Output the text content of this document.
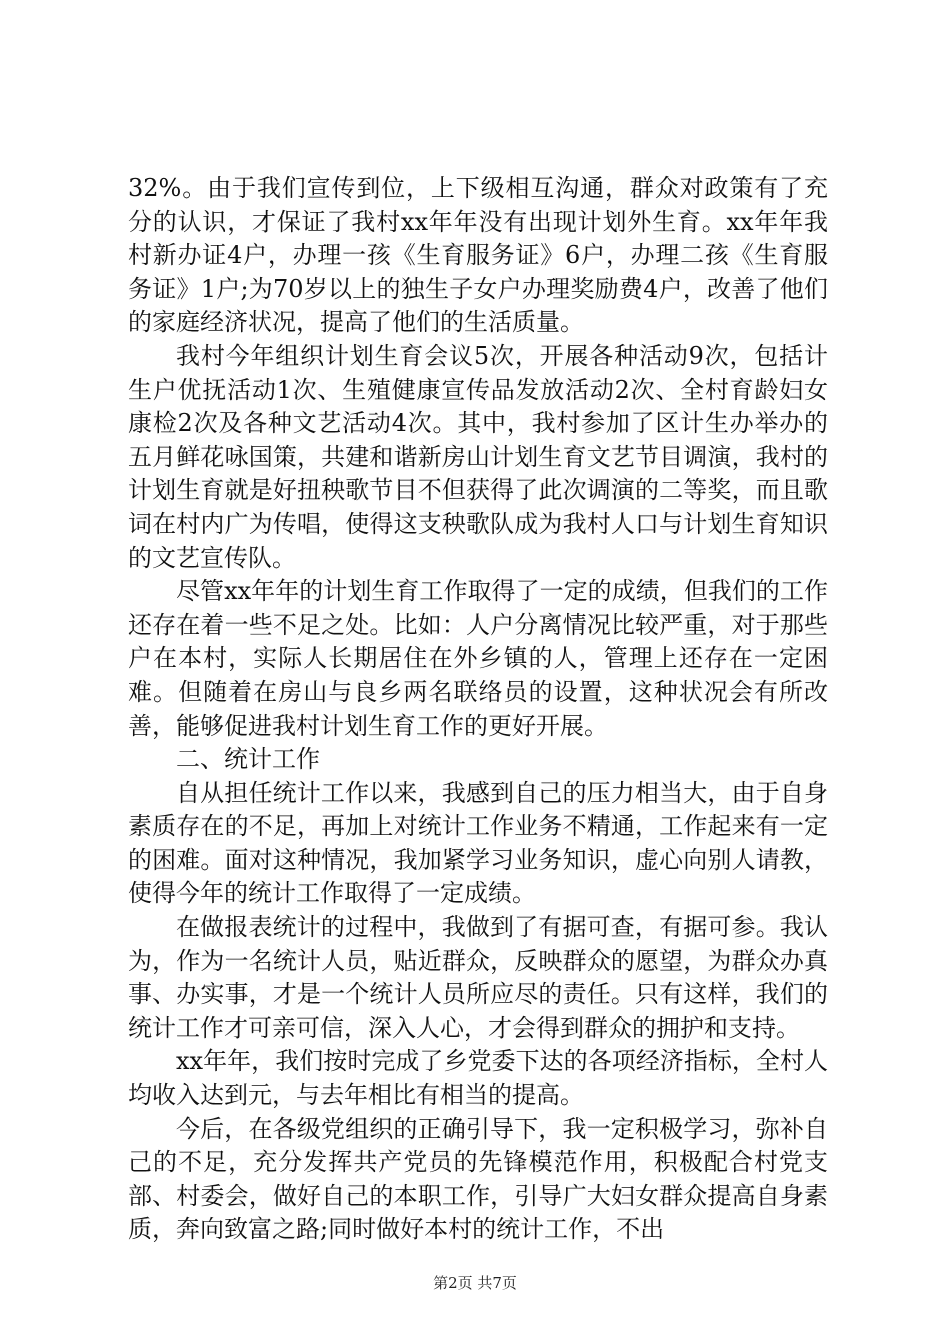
32%。由于我们宣传到位，上下级相互沟通，群众对政策有了充分的认识，才保证了我村xx年年没有出现计划外生育。xx年年我村新办证4户，办理一孩《生育服务证》6户，办理二孩《生育服务证》1户;为70岁以上的独生子女户办理奖励费4户，改善了他们的家庭经济状况，提高了他们的生活质量。

我村今年组织计划生育会议5次，开展各种活动9次，包括计生户优抚活动1次、生殖健康宣传品发放活动2次、全村育龄妇女康检2次及各种文艺活动4次。其中，我村参加了区计生办举办的五月鲜花咏国策，共建和谐新房山计划生育文艺节目调演，我村的计划生育就是好扭秧歌节目不但获得了此次调演的二等奖，而且歌词在村内广为传唱，使得这支秧歌队成为我村人口与计划生育知识的文艺宣传队。

尽管xx年年的计划生育工作取得了一定的成绩，但我们的工作还存在着一些不足之处。比如：人户分离情况比较严重，对于那些户在本村，实际人长期居住在外乡镇的人，管理上还存在一定困难。但随着在房山与良乡两名联络员的设置，这种状况会有所改善，能够促进我村计划生育工作的更好开展。

二、统计工作

自从担任统计工作以来，我感到自己的压力相当大，由于自身素质存在的不足，再加上对统计工作业务不精通，工作起来有一定的困难。面对这种情况，我加紧学习业务知识，虚心向别人请教，使得今年的统计工作取得了一定成绩。

在做报表统计的过程中，我做到了有据可查，有据可参。我认为，作为一名统计人员，贴近群众，反映群众的愿望，为群众办真事、办实事，才是一个统计人员所应尽的责任。只有这样，我们的统计工作才可亲可信，深入人心，才会得到群众的拥护和支持。

xx年年，我们按时完成了乡党委下达的各项经济指标，全村人均收入达到元，与去年相比有相当的提高。

今后，在各级党组织的正确引导下，我一定积极学习，弥补自己的不足，充分发挥共产党员的先锋模范作用，积极配合村党支部、村委会，做好自己的本职工作，引导广大妇女群众提高自身素质，奔向致富之路;同时做好本村的统计工作，不出

第2页 共7页
